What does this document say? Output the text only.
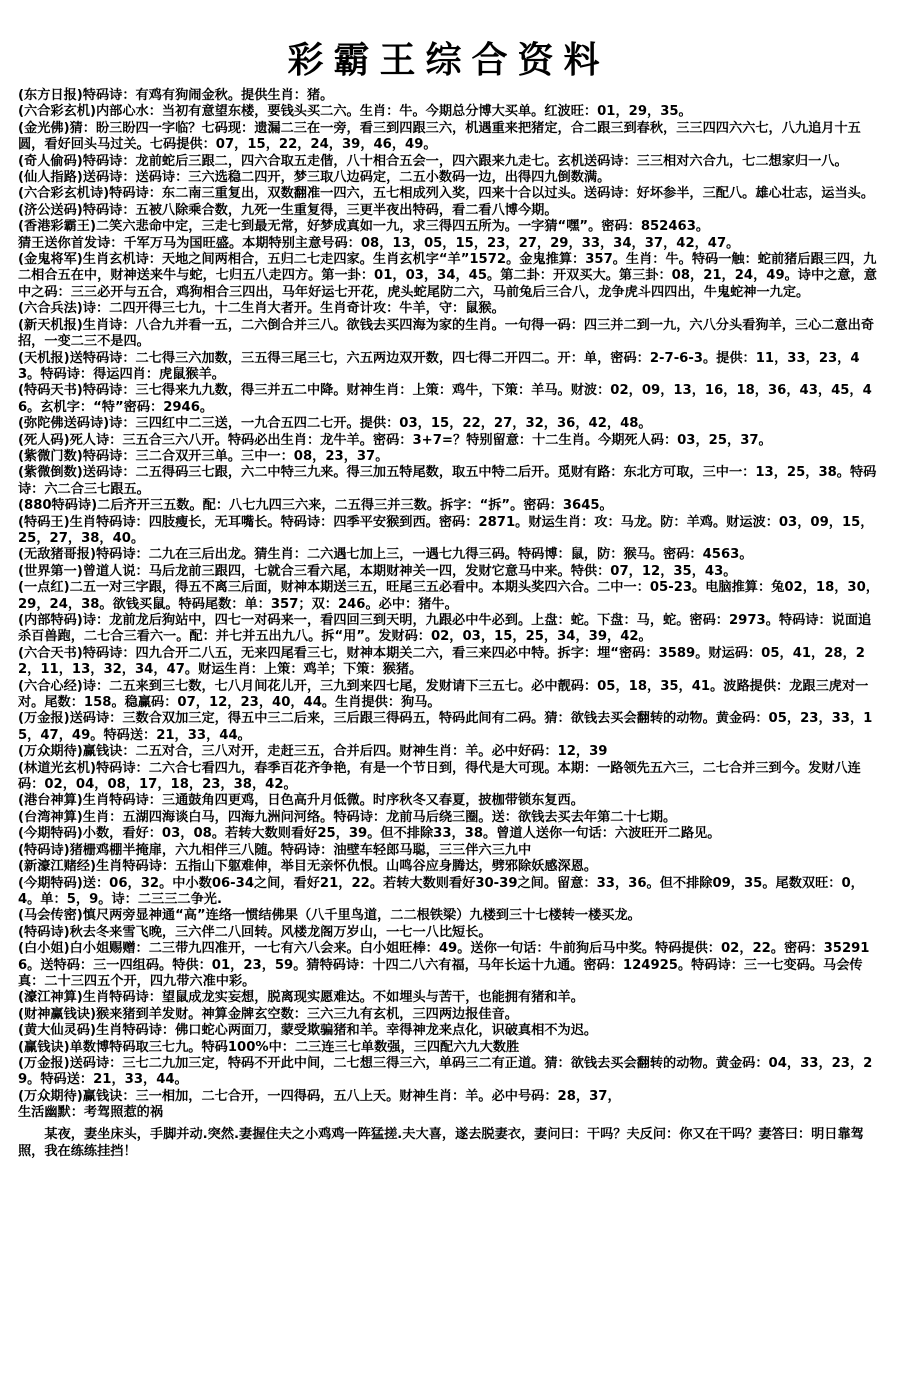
彩霸王综合资料
(东方日报)特码诗：有鸡有狗闹金秋。提供生肖：猪。
(六合彩玄机)内部心水：当初有意望东楼，要钱头买二六。生肖：牛。今期总分博大买单。红波旺：01，29，35。
(金光佛)猜：盼三盼四一字临？七码现：遗漏二三在一旁，看三到四跟三六，机遇重来把猪定，合二跟三到春秋，三三四四六六七，八九追月十五圆，看好回头马过关。七码提供：07，15，22，24，39，46，49。
(奇人偷码)特码诗：龙前蛇后三跟二，四六合取五走偕，八十相合五会一，四六跟来九走七。玄机送码诗：三三相对六合九，七二想家归一八。
(仙人指路)送码诗：送码诗：三六选稳二四开，梦三取八边码定，二五小数码一边，出得四九倒数满。
(六合彩玄机诗)特码诗：东二南三重复出，双数翻准一四六，五七相成列入奖，四来十合以过头。送码诗：好坏参半，三配八。雄心壮志，运当头。
(济公送码)特码诗：五被八除乘合数，九死一生重复得，三更半夜出特码，看二看八博今期。
(香港彩霸王)二笑六悲命中定，三走七到最无常，好梦成真如一九，求三得四五所为。一字猜“嘿”。密码：852463。
猜王送你首发诗：千军万马为国旺盛。本期特别主意号码：08，13，05，15，23，27，29，33，34，37，42，47。
(金鬼将军)生肖玄机诗：天地之间两相合，五归二七走四家。生肖玄机字“羊”1572。金鬼推算：357。生肖：牛。特码一触：蛇前猪后跟三四，九二相合五在中，财神送来牛与蛇，七归五八走四方。第一卦：01，03，34，45。第二卦：开双买大。第三卦：08，21，24，49。诗中之意，意中之码：三三必开与五合，鸡狗相合三四出，马年好运七开花，虎头蛇尾防二六，马前兔后三合八，龙争虎斗四四出，牛鬼蛇神一九定。
(六合兵法)诗：二四开得三七九，十二生肖大者开。生肖奇计攻：牛羊，守：鼠猴。
(新天机报)生肖诗：八合九并看一五，二六倒合并三八。欲钱去买四海为家的生肖。一句得一码：四三并二到一九，六八分头看狗羊，三心二意出奇招，一变二三不是四。
(天机报)送特码诗：二七得三六加数，三五得三尾三七，六五两边双开数，四七得二开四二。开：单，密码：2-7-6-3。提供：11，33，23，43。特码诗：得运四肖：虎鼠猴羊。
(特码天书)特码诗：三七得来九九数，得三并五二中降。财神生肖：上策：鸡牛，下策：羊马。财波：02，09，13，16，18，36，43，45，46。玄机字：“特”密码：2946。
(弥陀佛送码诗)诗：三四红中二三送，一九合五四二七开。提供：03，15，22，27，32，36，42，48。
(死人码)死人诗：三五合三六八开。特码必出生肖：龙牛羊。密码：3+7=？特别留意：十二生肖。今期死人码：03，25，37。
(紫微门数)特码诗：三二合双开三单。三中一：08，23，37。
(紫微倒数)送码诗：二五得码三七跟，六二中特三九来。得三加五特尾数，取五中特二后开。觅财有路：东北方可取，三中一：13，25，38。特码诗：六二合三七跟五。
(880特码诗)二后齐开三五数。配：八七九四三六来，二五得三并三数。拆字：“拆”。密码：3645。
(特码王)生肖特码诗：四肢瘦长，无耳嘴长。特码诗：四季平安猴到西。密码：2871。财运生肖：攻：马龙。防：羊鸡。财运波：03，09，15，25，27，38，40。
(无敌猪哥报)特码诗：二九在三后出龙。猜生肖：二六遇七加上三，一遇七九得三码。特码博：鼠，防：猴马。密码：4563。
(世界第一)曾道人说：马后龙前三跟四，七就合三看六尾，本期财神关一四，发财它意马中来。特供：07，12，35，43。
(一点红)二五一对三字跟，得五不离三后面，财神本期送三五，旺尾三五必看中。本期头奖四六合。二中一：05-23。电脑推算：兔02，18，30，29，24，38。欲钱买鼠。特码尾数：单：357；双：246。必中：猪牛。
(内部特码)诗：龙前龙后狗站中，四七一对码来一，看四回三到天明，九跟必中牛必到。上盘：蛇。下盘：马，蛇。密码：2973。特码诗：说面追杀百兽跑，二七合三看六一。配：并七并五出九八。拆“用”。发财码：02，03，15，25，34，39，42。
(六合天书)特码诗：四九合开二八五，无来四尾看三七，财神本期关二六，看三来四必中特。拆字：埋“密码：3589。财运码：05，41，28，22，11，13，32，34，47。财运生肖：上策：鸡羊；下策：猴猪。
(六合心经)诗：二五来到三七数，七八月间花儿开，三九到来四七尾，发财请下三五七。必中靓码：05，18，35，41。波路提供：龙跟三虎对一对。尾数：158。稳赢码：07，12，23，40，44。生肖提供：狗马。
(万金报)送码诗：三数合双加三定，得五中三二后来，三后跟三得码五，特码此间有二码。猜：欲钱去买会翻转的动物。黄金码：05，23，33，15，47，49。特码送：21，33，44。
(万众期待)赢钱诀：二五对合，三八对开，走赶三五，合并后四。财神生肖：羊。必中好码：12，39
(林道光玄机)特码诗：二六合七看四九，春季百花齐争艳，有是一个节日到，得代是大可现。本期：一路领先五六三，二七合并三到今。发财八连码：02，04，08，17，18，23，38，42。
(港台神算)生肖特码诗：三通鼓角四更鸡，日色高升月低微。时序秋冬又春夏，披枷带锁东复西。
(台湾神算)生肖：五湖四海谈白马，四海九洲问河络。特码诗：龙前马后绕三圈。送：欲钱去买去年第二十七期。
(今期特码)小数，看好：03，08。若转大数则看好25，39。但不排除33，38。曾道人送你一句话：六波旺开二路见。
(特码诗)猪栅鸡棚半掩扉，六九相伴三八随。特码诗：油壁车轻郎马聪，三三伴六三九中
(新濠江赌经)生肖特码诗：五指山下躯难伸，举目无亲怀仇恨。山鸣谷应身腾达，劈邪除妖感深恩。
(今期特码)送：06，32。中小数06-34之间，看好21，22。若转大数则看好30-39之间。留意：33，36。但不排除09，35。尾数双旺：0，4。单：5，9。诗：二三三二争光.
(马会传密)慎尺两旁显神通“高”连络一惯结佛果（八千里鸟道，二二根铁梁）九楼到三十七楼转一楼买龙。
(特码诗)秋去冬来雪飞晚，三六伴二八回转。风楼龙阁万岁山，一七一八比短长。
(白小姐)白小姐赐赠：二三带九四准开，一七有六八会来。白小姐旺棒：49。送你一句话：牛前狗后马中奖。特码提供：02，22。密码：352916。送特码：三一四组码。特供：01，23，59。猜特码诗：十四二八六有福，马年长运十九通。密码：124925。特码诗：三一七变码。马会传真：二十三四五个开，四九带六准中彩。
(濠江神算)生肖特码诗：望鼠成龙实妄想，脱离现实愿难达。不如埋头与苦干，也能拥有猪和羊。
(财神赢钱诀)猴来猪到羊发财。神算金牌玄空数：三六三九有玄机，三四两边报佳音。
(黄大仙灵码)生肖特码诗：佛口蛇心两面刀，蒙受欺骗猪和羊。幸得神龙来点化，识破真相不为迟。
(赢钱诀)单数博特码取三七九。特码100%中：二三连三七单数强，三四配六九大数胜
(万金报)送码诗：三七二九加三定，特码不开此中间，二七想三得三六，单码三二有正道。猜：欲钱去买会翻转的动物。黄金码：04，33，23，29。特码送：21，33，44。
(万众期待)赢钱诀：三一相加，二七合开，一四得码，五八上天。财神生肖：羊。必中号码：28，37，
生活幽默：考驾照惹的祸
某夜，妻坐床头，手脚并动.突然.妻握住夫之小鸡鸡一阵猛搓.夫大喜，遂去脱妻衣，妻问曰：干吗？夫反问：你又在干吗？妻答曰：明日靠驾照，我在练练挂挡！
